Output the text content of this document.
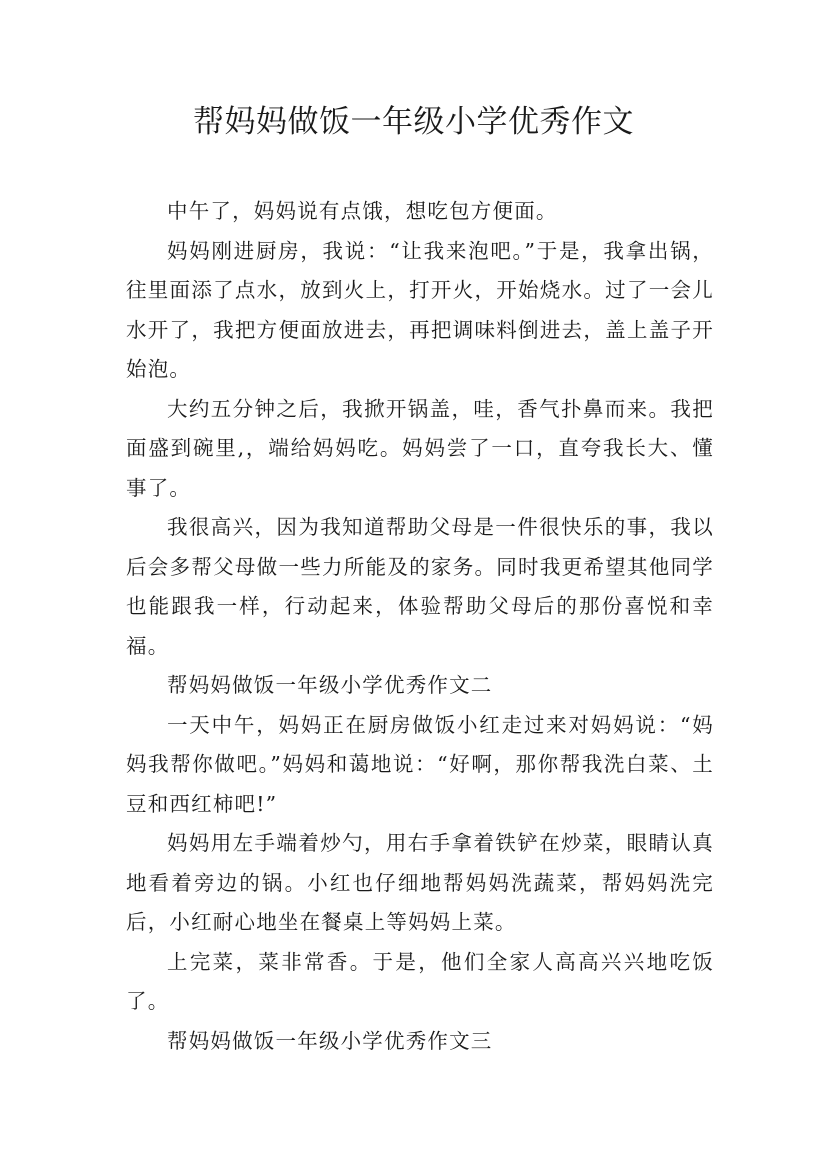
帮妈妈做饭一年级小学优秀作文

中午了，妈妈说有点饿，想吃包方便面。

妈妈刚进厨房，我说：“让我来泡吧。”于是，我拿出锅，往里面添了点水，放到火上，打开火，开始烧水。过了一会儿水开了，我把方便面放进去，再把调味料倒进去，盖上盖子开始泡。

大约五分钟之后，我掀开锅盖，哇，香气扑鼻而来。我把面盛到碗里,，端给妈妈吃。妈妈尝了一口，直夸我长大、懂事了。

我很高兴，因为我知道帮助父母是一件很快乐的事，我以后会多帮父母做一些力所能及的家务。同时我更希望其他同学也能跟我一样，行动起来，体验帮助父母后的那份喜悦和幸福。

帮妈妈做饭一年级小学优秀作文二

一天中午，妈妈正在厨房做饭小红走过来对妈妈说：“妈妈我帮你做吧。”妈妈和蔼地说：“好啊，那你帮我洗白菜、土豆和西红柿吧!”

妈妈用左手端着炒勺，用右手拿着铁铲在炒菜，眼睛认真地看着旁边的锅。小红也仔细地帮妈妈洗蔬菜，帮妈妈洗完后，小红耐心地坐在餐桌上等妈妈上菜。

上完菜，菜非常香。于是，他们全家人高高兴兴地吃饭了。

帮妈妈做饭一年级小学优秀作文三
